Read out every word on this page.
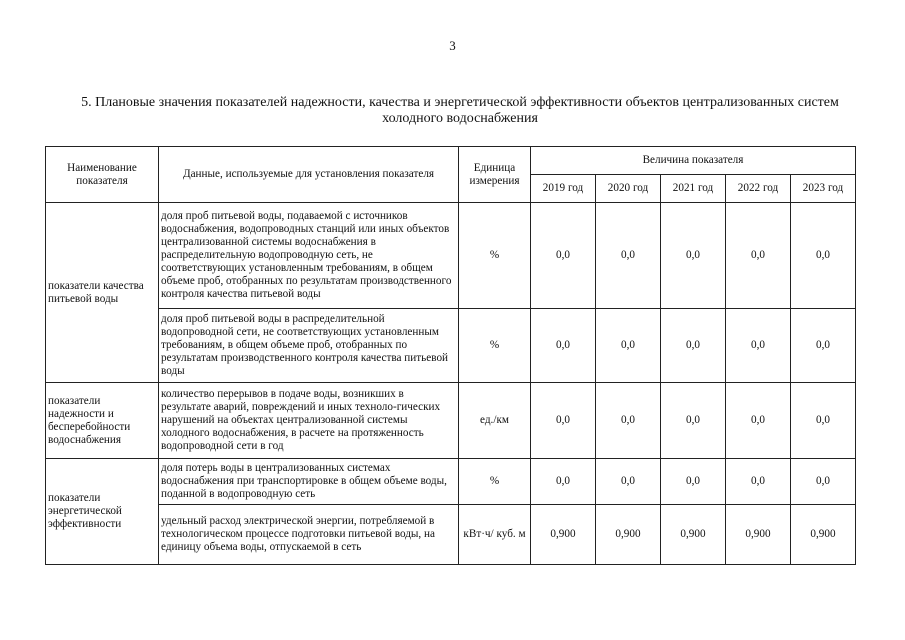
3
5. Плановые значения показателей надежности, качества и энергетической эффективности объектов централизованных систем холодного водоснабжения
Наименование показателя	Данные, используемые для установления показателя	Единица измерения	Величина показателя				
			2019 год	2020 год	2021 год	2022 год	2023 год
показатели качества питьевой воды	доля проб питьевой воды, подаваемой с источников водоснабжения, водопроводных станций или иных объектов централизованной системы водоснабжения в распределительную водопроводную сеть, не соответствующих установленным требованиям, в общем объеме проб, отобранных по результатам производственного контроля качества питьевой воды	%	0,0	0,0	0,0	0,0	0,0
	доля проб питьевой воды в распределительной водопроводной сети, не соответствующих установленным требованиям, в общем объеме проб, отобранных по результатам производственного контроля качества питьевой воды	%	0,0	0,0	0,0	0,0	0,0
показатели надежности и бесперебойности водоснабжения	количество перерывов в подаче воды, возникших в результате аварий, повреждений и иных техноло-гических нарушений на объектах централизованной системы холодного водоснабжения, в расчете на протяженность водопроводной сети в год	ед./км	0,0	0,0	0,0	0,0	0,0
показатели энергетической эффективности	доля потерь воды в централизованных системах водоснабжения при транспортировке в общем объеме воды, поданной в водопроводную сеть	%	0,0	0,0	0,0	0,0	0,0
	удельный расход электрической энергии, потребляемой в технологическом процессе подготовки питьевой воды, на единицу объема воды, отпускаемой в сеть	кВт·ч/ куб. м	0,900	0,900	0,900	0,900	0,900
